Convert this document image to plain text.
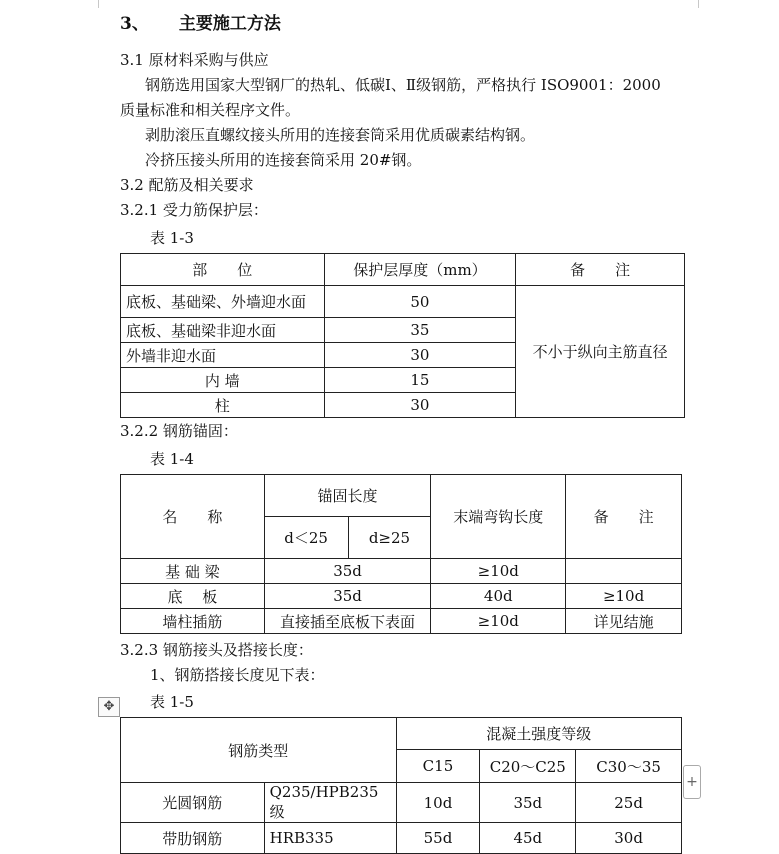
3、 主要施工方法
3.1 原材料采购与供应
钢筋选用国家大型钢厂的热轧、低碳Ⅰ、Ⅱ级钢筋，严格执行 ISO9001：2000
质量标准和相关程序文件。
剥肋滚压直螺纹接头所用的连接套筒采用优质碳素结构钢。
冷挤压接头所用的连接套筒采用 20#钢。
3.2 配筋及相关要求
3.2.1 受力筋保护层：
表 1-3
部　　位	保护层厚度（mm）	备　　注
底板、基础梁、外墙迎水面	50	不小于纵向主筋直径
底板、基础梁非迎水面	35	
外墙非迎水面	30	
内 墙	15	
柱	30	
3.2.2 钢筋锚固：
表 1-4
名　　称	锚固长度		末端弯钩长度	备　　注
	d＜25	d≥25		
基 础 梁	35d		≥10d	
底　 板	35d		40d	≥10d
墙柱插筋	直接插至底板下表面		≥10d	详见结施
3.2.3 钢筋接头及搭接长度：
1、钢筋搭接长度见下表：
✥	表 1-5
钢筋类型		混凝土强度等级		
		C15	C20～C25	C30～35
光圆钢筋	Q235/HPB235 级	10d	35d	25d
带肋钢筋	HRB335	55d	45d	30d
+
